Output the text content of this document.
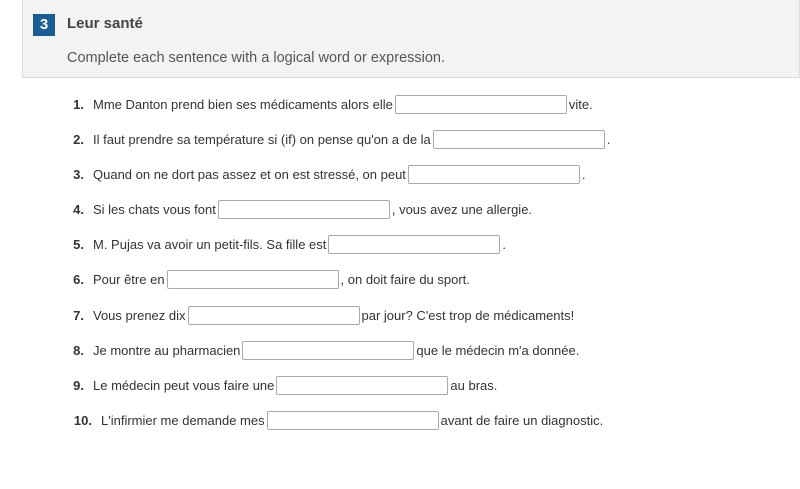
3	Leur santé
Complete each sentence with a logical word or expression.
1. Mme Danton prend bien ses médicaments alors elle	vite.
2. Il faut prendre sa température si (if) on pense qu'on a de la	.
3. Quand on ne dort pas assez et on est stressé, on peut	.
4. Si les chats vous font	, vous avez une allergie.
5. M. Pujas va avoir un petit-fils. Sa fille est	.
6. Pour être en	, on doit faire du sport.
7. Vous prenez dix	par jour? C'est trop de médicaments!
8. Je montre au pharmacien	que le médecin m'a donnée.
9. Le médecin peut vous faire une	au bras.
10. L'infirmier me demande mes	avant de faire un diagnostic.
